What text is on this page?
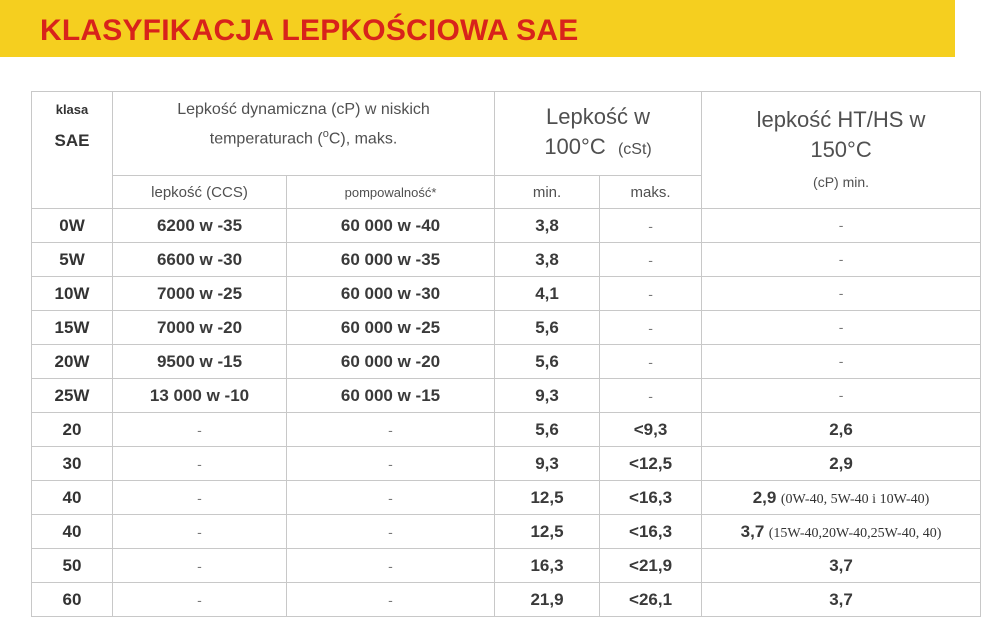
KLASYFIKACJA LEPKOŚCIOWA SAE
klasa
SAE	Lepkość dynamiczna (cP) w niskich
temperaturach ($^o$C), maks.		Lepkość w
100°C (cSt)		lepkość HT/HS w
150°C
(cP) min.
	lepkość (CCS)	pompowalność*	min.	maks.	
0W	6200 w -35	60 000 w -40	3,8	-	-
5W	6600 w -30	60 000 w -35	3,8	-	-
10W	7000 w -25	60 000 w -30	4,1	-	-
15W	7000 w -20	60 000 w -25	5,6	-	-
20W	9500 w -15	60 000 w -20	5,6	-	-
25W	13 000 w -10	60 000 w -15	9,3	-	-
20	-	-	5,6	<9,3	2,6
30	-	-	9,3	<12,5	2,9
40	-	-	12,5	<16,3	2,9 (0W-40, 5W-40 i 10W-40)
40	-	-	12,5	<16,3	3,7 (15W-40,20W-40,25W-40, 40)
50	-	-	16,3	<21,9	3,7
60	-	-	21,9	<26,1	3,7
